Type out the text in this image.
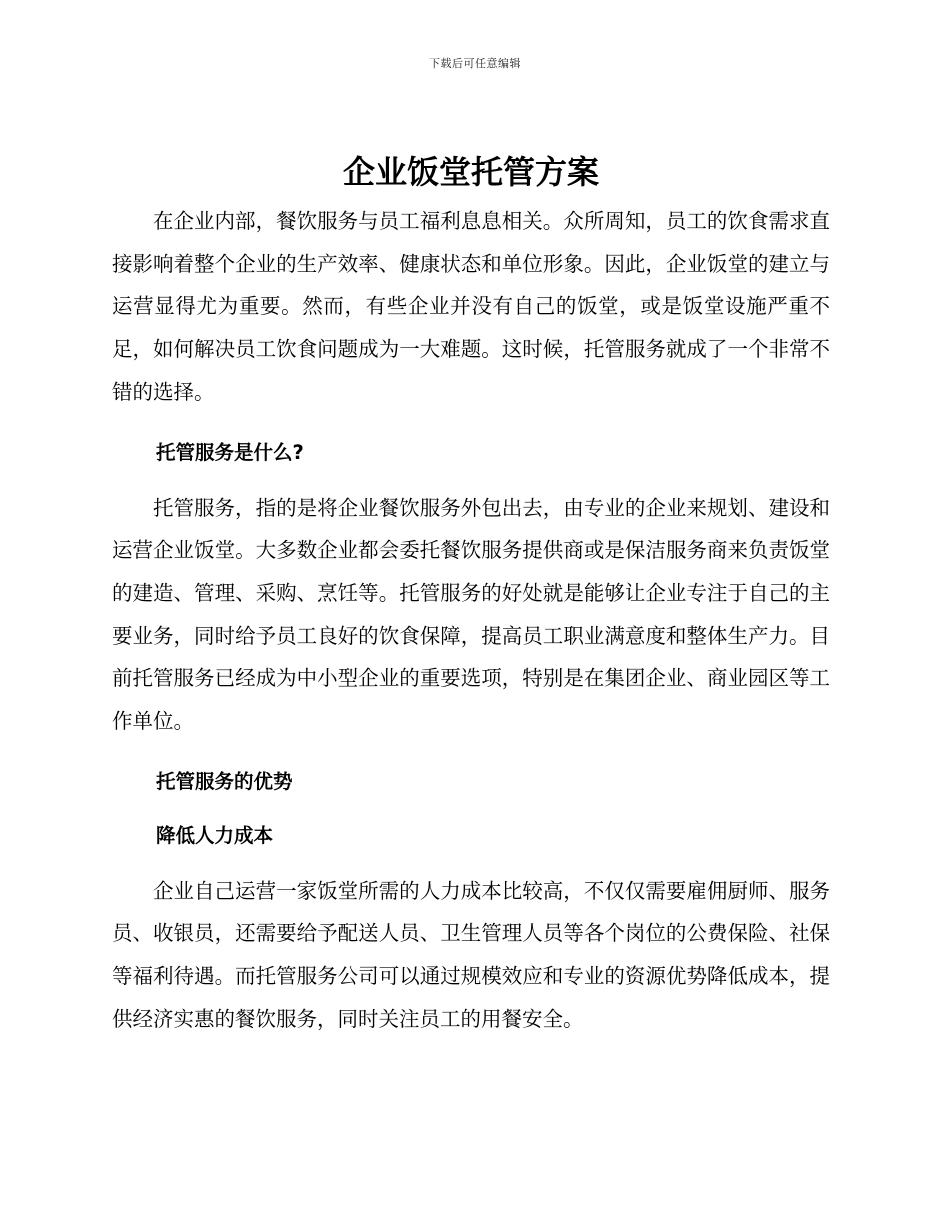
下载后可任意编辑
企业饭堂托管方案

在企业内部，餐饮服务与员工福利息息相关。众所周知，员工的饮食需求直接影响着整个企业的生产效率、健康状态和单位形象。因此，企业饭堂的建立与运营显得尤为重要。然而，有些企业并没有自己的饭堂，或是饭堂设施严重不足，如何解决员工饮食问题成为一大难题。这时候，托管服务就成了一个非常不错的选择。

托管服务是什么?

托管服务，指的是将企业餐饮服务外包出去，由专业的企业来规划、建设和运营企业饭堂。大多数企业都会委托餐饮服务提供商或是保洁服务商来负责饭堂的建造、管理、采购、烹饪等。托管服务的好处就是能够让企业专注于自己的主要业务，同时给予员工良好的饮食保障，提高员工职业满意度和整体生产力。目前托管服务已经成为中小型企业的重要选项，特别是在集团企业、商业园区等工作单位。

托管服务的优势
降低人力成本

企业自己运营一家饭堂所需的人力成本比较高，不仅仅需要雇佣厨师、服务员、收银员，还需要给予配送人员、卫生管理人员等各个岗位的公费保险、社保等福利待遇。而托管服务公司可以通过规模效应和专业的资源优势降低成本，提供经济实惠的餐饮服务，同时关注员工的用餐安全。
